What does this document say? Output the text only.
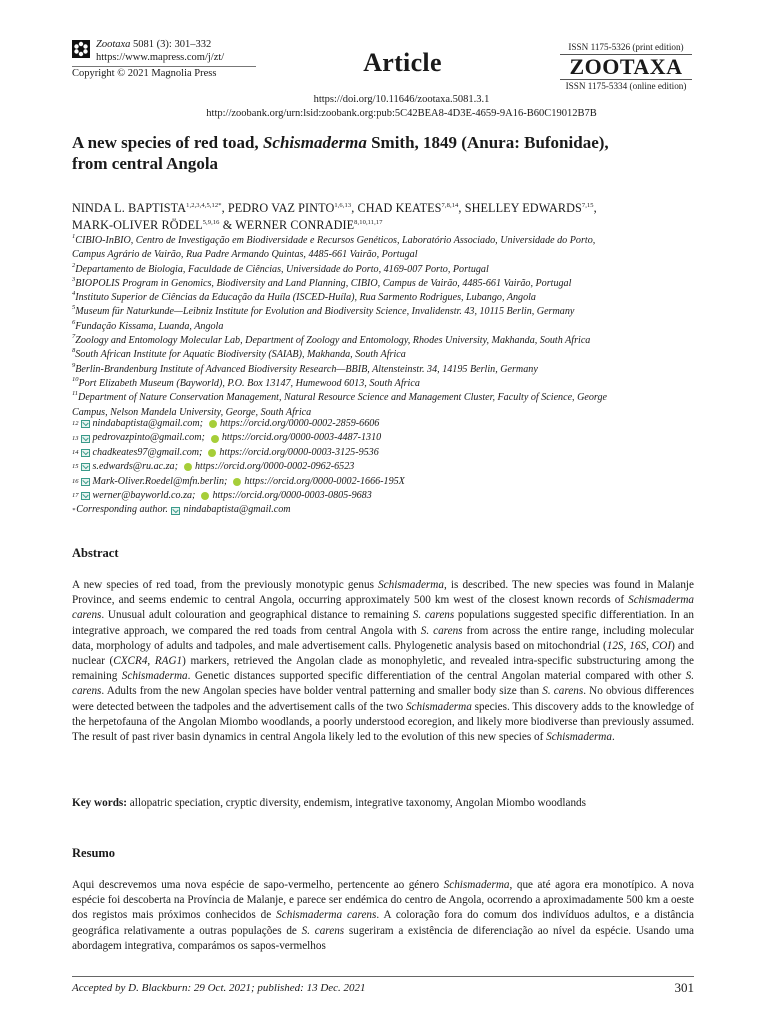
Zootaxa 5081 (3): 301–332
https://www.mapress.com/j/zt/
Copyright © 2021 Magnolia Press	Article
ISSN 1175-5326 (print edition)
ZOOTAXA
ISSN 1175-5334 (online edition)
https://doi.org/10.11646/zootaxa.5081.3.1
http://zoobank.org/urn:lsid:zoobank.org:pub:5C42BEA8-4D3E-4659-9A16-B60C19012B7B
A new species of red toad, Schismaderma Smith, 1849 (Anura: Bufonidae),
from central Angola
NINDA L. $BAPTISTA^{1,2,3,4,5,12*}$, PEDRO VAZ PINTO$^{1,6,13}$, CHAD KEATES$^{7,8,14}$, SHELLEY EDWARDS$^{7,15}$,
MARK-OLIVER RÖDEL$^{5,9,16}$ & WERNER CONRADIE$^{8,10,11,17}$
$^1$CIBIO-InBIO, Centro de Investigação em Biodiversidade e Recursos Genéticos, Laboratório Associado, Universidade do Porto,
Campus Agrário de Vairão, Rua Padre Armando Quintas, 4485-661 Vairão, Portugal
$^2$Departamento de Biologia, Faculdade de Ciências, Universidade do Porto, 4169-007 Porto, Portugal
$^3$BIOPOLIS Program in Genomics, Biodiversity and Land Planning, CIBIO, Campus de Vairão, 4485-661 Vairão, Portugal
$^4$Instituto Superior de Ciências da Educação da Huíla (ISCED-Huíla), Rua Sarmento Rodrigues, Lubango, Angola
$^5$Museum für Naturkunde—Leibniz Institute for Evolution and Biodiversity Science, Invalidenstr. 43, 10115 Berlin, Germany
$^6$Fundação Kissama, Luanda, Angola
$^7$Zoology and Entomology Molecular Lab, Department of Zoology and Entomology, Rhodes University, Makhanda, South Africa
$^8$South African Institute for Aquatic Biodiversity (SAIAB), Makhanda, South Africa
$^9$Berlin-Brandenburg Institute of Advanced Biodiversity Research—BBIB, Altensteinstr. 34, 14195 Berlin, Germany
$^{10}$Port Elizabeth Museum (Bayworld), P.O. Box 13147, Humewood 6013, South Africa
$^{11}$Department of Nature Conservation Management, Natural Resource Science and Management Cluster, Faculty of Science, George
Campus, Nelson Mandela University, George, South Africa
12 nindabaptista@gmail.com; https://orcid.org/0000-0002-2859-6606
13 pedrovazpinto@gmail.com; https://orcid.org/0000-0003-4487-1310
14 chadkeates97@gmail.com; https://orcid.org/0000-0003-3125-9536
15 s.edwards@ru.ac.za; https://orcid.org/0000-0002-0962-6523
16 Mark-Oliver.Roedel@mfn.berlin; https://orcid.org/0000-0002-1666-195X
17 werner@bayworld.co.za; https://orcid.org/0000-0003-0805-9683
* Corresponding author. nindabaptista@gmail.com
Abstract
A new species of red toad, from the previously monotypic genus Schismaderma, is described. The new species was found in Malanje Province, and seems endemic to central Angola, occurring approximately 500 km west of the closest known records of Schismaderma carens. Unusual adult colouration and geographical distance to remaining S. carens populations suggested specific differentiation. In an integrative approach, we compared the red toads from central Angola with S. carens from across the entire range, including molecular data, morphology of adults and tadpoles, and male advertisement calls. Phylogenetic analysis based on mitochondrial (12S, 16S, COI) and nuclear (CXCR4, RAG1) markers, retrieved the Angolan clade as monophyletic, and revealed intra-specific substructuring among the remaining Schismaderma. Genetic distances supported specific differentiation of the central Angolan material compared with other S. carens. Adults from the new Angolan species have bolder ventral patterning and smaller body size than S. carens. No obvious differences were detected between the tadpoles and the advertisement calls of the two Schismaderma species. This discovery adds to the knowledge of the herpetofauna of the Angolan Miombo woodlands, a poorly understood ecoregion, and likely more biodiverse than previously assumed. The result of past river basin dynamics in central Angola likely led to the evolution of this new species of Schismaderma.
Key words: allopatric speciation, cryptic diversity, endemism, integrative taxonomy, Angolan Miombo woodlands
Resumo
Aqui descrevemos uma nova espécie de sapo-vermelho, pertencente ao género Schismaderma, que até agora era monotípico. A nova espécie foi descoberta na Província de Malanje, e parece ser endémica do centro de Angola, ocorrendo a aproximadamente 500 km a oeste dos registos mais próximos conhecidos de Schismaderma carens. A coloração fora do comum dos indivíduos adultos, e a distância geográfica relativamente a outras populações de S. carens sugeriram a existência de diferenciação ao nível da espécie. Usando uma abordagem integrativa, comparámos os sapos-vermelhos
Accepted by D. Blackburn: 29 Oct. 2021; published: 13 Dec. 2021	301
